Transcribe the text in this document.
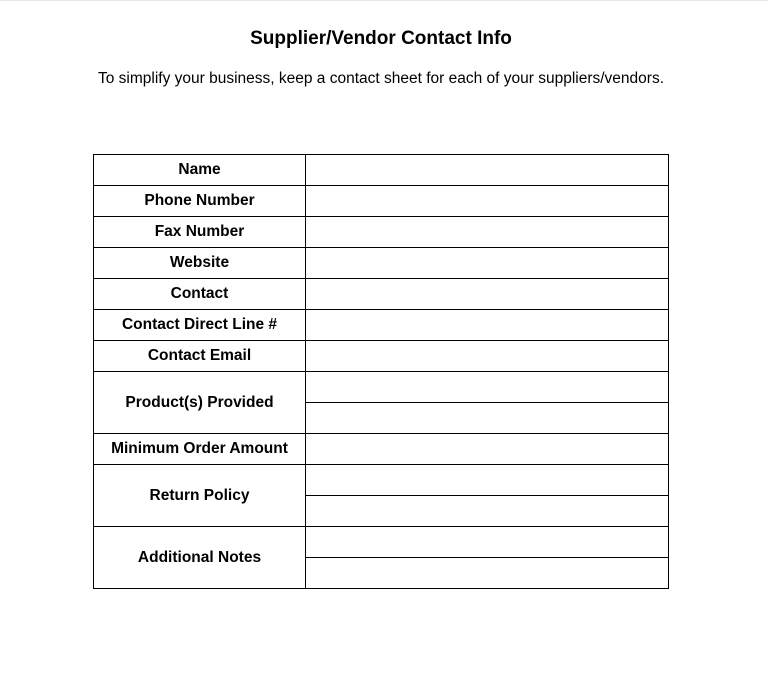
Supplier/Vendor Contact Info
To simplify your business, keep a contact sheet for each of your suppliers/vendors.
Name	
Phone Number	
Fax Number	
Website	
Contact	
Contact Direct Line #	
Contact Email	
Product(s) Provided	

Minimum Order Amount	
Return Policy	

Additional Notes	
